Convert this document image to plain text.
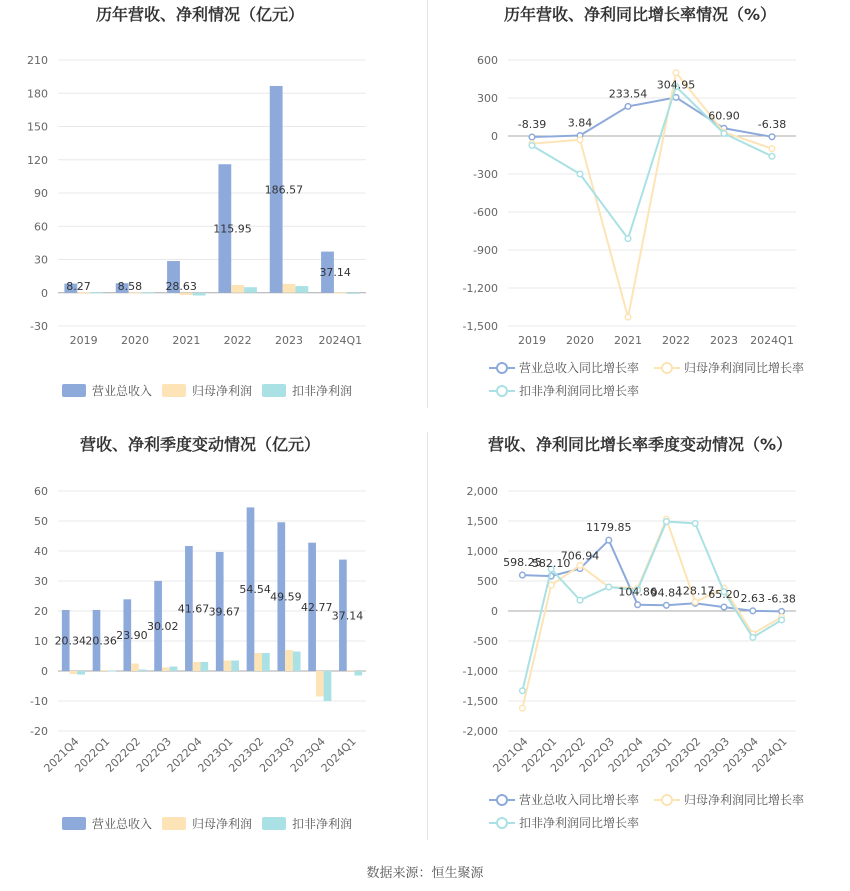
历年营收、净利情况（亿元）
-30
0
30
60
90
120
150
180
210
2019 2020 2021 2022 2023 2024Q1
8.27 8.58 28.63
115.95
186.57
37.14
营业总收入	归母净利润	扣非净利润
历年营收、净利同比增长率情况（%）
-1,500
-1,200
-900
-600
-300
0
300
600
2019 2020 2021 2022 2023 2024Q1
-8.39 3.84
233.54
304.95
60.90
-6.38
营业总收入同比增长率	归母净利润同比增长率
扣非净利润同比增长率
营收、净利季度变动情况（亿元）
-20
-10
0
10
20
30
40
50
60
2021Q4
2022Q1
2022Q2
2022Q3
2022Q4
2023Q1
2023Q2
2023Q3
2023Q4
2024Q1
20.34 20.36 23.90
30.02
41.67 39.67
54.54
49.59
42.77
37.14
营业总收入	归母净利润	扣非净利润
营收、净利同比增长率季度变动情况（%）
-2,000
-1,500
-1,000
-500
0
500
1,000
1,500
2,000
2021Q4
2022Q1
2022Q2
2022Q3
2022Q4
2023Q1
2023Q2
2023Q3
2023Q4
2024Q1
598.25
582.10
706.94
1179.85
104.86
94.84
128.17
65.20 2.63 -6.38
营业总收入同比增长率	归母净利润同比增长率
扣非净利润同比增长率
数据来源：恒生聚源
